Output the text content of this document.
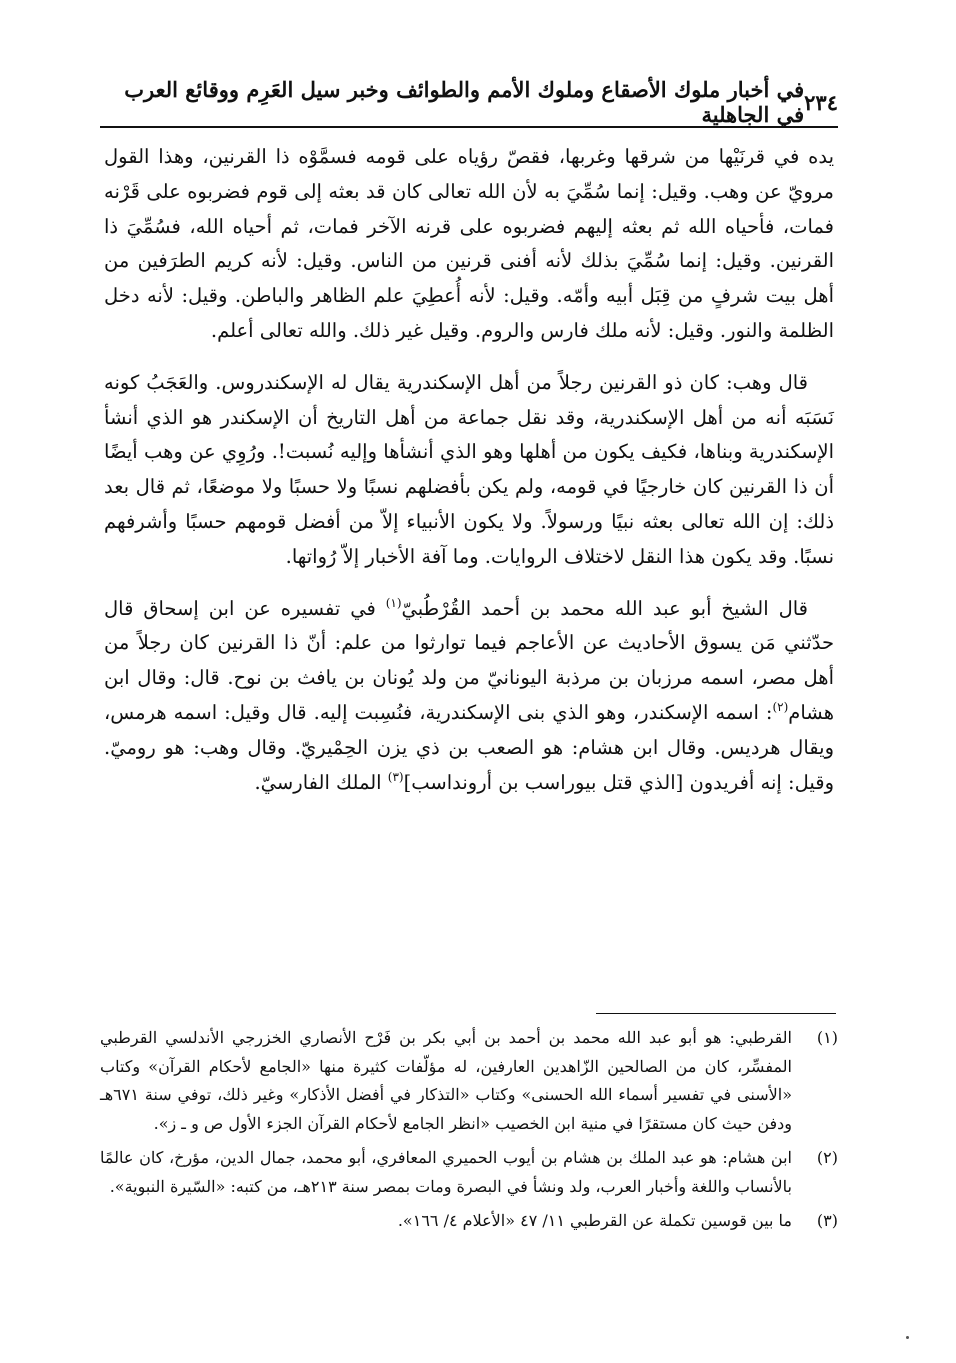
٢٣٤
في أخبار ملوك الأصقاع وملوك الأمم والطوائف وخبر سيل العَرِم ووقائع العرب في الجاهلية

يده في قرنَيْها من شرقها وغربها، فقصّ رؤياه على قومه فسمَّوْه ذا القرنين، وهذا القول مرويّ عن وهب. وقيل: إنما سُمِّيَ به لأن الله تعالى كان قد بعثه إلى قوم فضربوه على قَرْنه فمات، فأحياه الله ثم بعثه إليهم فضربوه على قرنه الآخر فمات، ثم أحياه الله، فسُمِّيَ ذا القرنين. وقيل: إنما سُمِّيَ بذلك لأنه أفنى قرنين من الناس. وقيل: لأنه كريم الطرَفين من أهل بيت شرفٍ من قِبَل أبيه وأمّه. وقيل: لأنه أُعطِيَ علم الظاهر والباطن. وقيل: لأنه دخل الظلمة والنور. وقيل: لأنه ملك فارس والروم. وقيل غير ذلك. والله تعالى أعلم.

قال وهب: كان ذو القرنين رجلاً من أهل الإسكندرية يقال له الإسكندروس. والعَجَبُ كونه نَسَبَه أنه من أهل الإسكندرية، وقد نقل جماعة من أهل التاريخ أن الإسكندر هو الذي أنشأ الإسكندرية وبناها، فكيف يكون من أهلها وهو الذي أنشأها وإليه نُسبت!. ورُوِي عن وهب أيضًا أن ذا القرنين كان خارجيًا في قومه، ولم يكن بأفضلهم نسبًا ولا حسبًا ولا موضعًا، ثم قال بعد ذلك: إن الله تعالى بعثه نبيًا ورسولاً. ولا يكون الأنبياء إلاّ من أفضل قومهم حسبًا وأشرفهم نسبًا. وقد يكون هذا النقل لاختلاف الروايات. وما آفة الأخبار إلاّ رُواتها.

قال الشيخ أبو عبد الله محمد بن أحمد القُرْطُبيّ$^{(١)}$ في تفسيره عن ابن إسحاق قال حدّثني مَن يسوق الأحاديث عن الأعاجم فيما توارثوا من علم: أنّ ذا القرنين كان رجلاً من أهل مصر، اسمه مرزبان بن مرذبة اليونانيّ من ولد يُونان بن يافث بن نوح. قال: وقال ابن هشام$^{(٢)}$: اسمه الإسكندر، وهو الذي بنى الإسكندرية، فنُسِبت إليه. قال وقيل: اسمه هرمس، ويقال هرديس. وقال ابن هشام: هو الصعب بن ذي يزن الحِمْيريّ. وقال وهب: هو روميّ. وقيل: إنه أفريدون [الذي قتل بيوراسب بن أرونداسب]$^{(٣)}$ الملك الفارسيّ.

(١)
القرطبي: هو أبو عبد الله محمد بن أحمد بن أبي بكر بن فَرْح الأنصاري الخزرجي الأندلسي القرطبي المفسِّر، كان من الصالحين الزّاهدين العارفين، له مؤلّفات كثيرة منها «الجامع لأحكام القرآن» وكتاب «الأسنى في تفسير أسماء الله الحسنى» وكتاب «التذكار في أفضل الأذكار» وغير ذلك، توفي سنة ٦٧١هـ ودفن حيث كان مستقرًا في منية ابن الخصيب «انظر الجامع لأحكام القرآن الجزء الأول ص و ـ ز».
(٢)
ابن هشام: هو عبد الملك بن هشام بن أيوب الحميري المعافري، أبو محمد، جمال الدين، مؤرخ، كان عالمًا بالأنساب واللغة وأخبار العرب، ولد ونشأ في البصرة ومات بمصر سنة ٢١٣هـ، من كتبه: «السّيرة النبوية».
(٣)
ما بين قوسين تكملة عن القرطبي ١١/ ٤٧ «الأعلام ٤/ ١٦٦».
